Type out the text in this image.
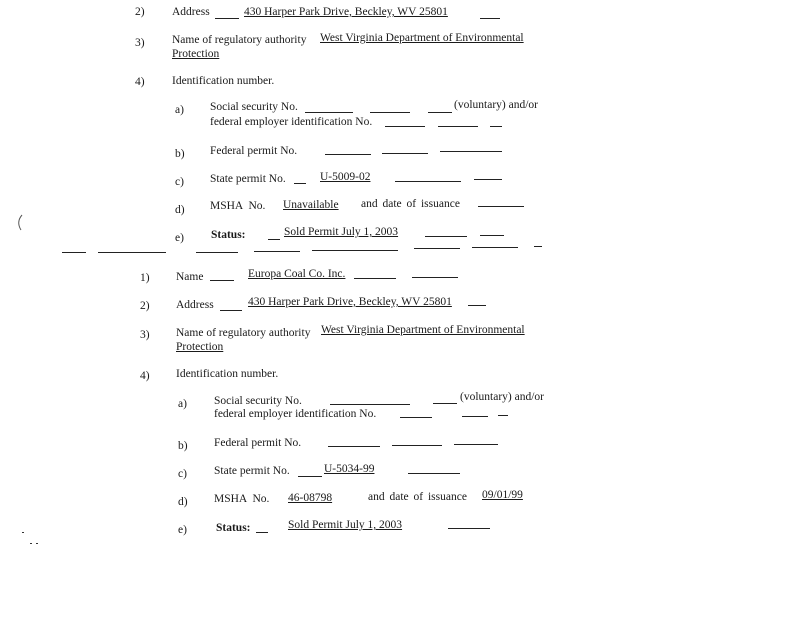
2) Address	430 Harper Park Drive, Beckley, WV 25801
3) Name of regulatory authority West Virginia Department of Environmental
Protection
4) Identification number.
a) Social security No.	(voluntary) and/or
federal employer identification No.
b) Federal permit No.
c) State permit No.	U-5009-02
d) MSHA No. Unavailable and date of issuance
e) Status:	Sold Permit July 1, 2003
1) Name	Europa Coal Co. Inc.
2) Address	430 Harper Park Drive, Beckley, WV 25801
3) Name of regulatory authority West Virginia Department of Environmental
Protection
4) Identification number.
a) Social security No.	(voluntary) and/or
federal employer identification No.
b) Federal permit No.
c) State permit No.	U-5034-99
d) MSHA No. 46-08798	and date of issuance 09/01/99
e)	Status:	Sold Permit July 1, 2003
